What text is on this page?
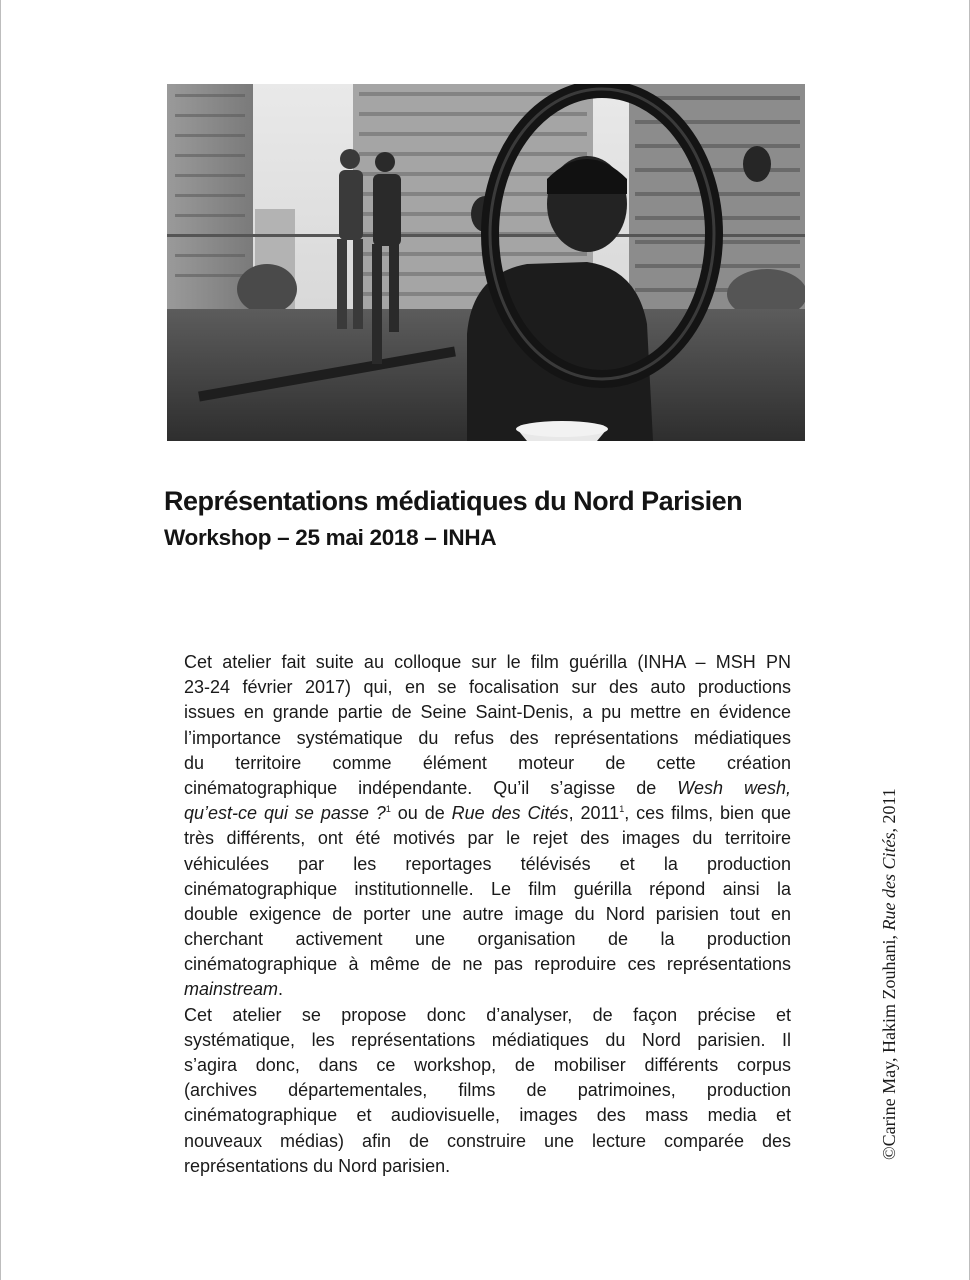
Représentations médiatiques du Nord Parisien
Workshop – 25 mai 2018 – INHA
Cet atelier fait suite au colloque sur le film guérilla (INHA – MSH PN
23-24 février 2017) qui, en se focalisation sur des auto productions
issues en grande partie de Seine Saint-Denis, a pu mettre en évidence
l’importance systématique du refus des représentations médiatiques
du territoire comme élément moteur de cette création
cinématographique indépendante. Qu’il s’agisse de Wesh wesh,
qu’est-ce qui se passe ?$^1$ ou de Rue des Cités, 2011$^1$, ces films, bien que
très différents, ont été motivés par le rejet des images du territoire
véhiculées par les reportages télévisés et la production
cinématographique institutionnelle. Le film guérilla répond ainsi la
double exigence de porter une autre image du Nord parisien tout en
cherchant activement une organisation de la production
cinématographique à même de ne pas reproduire ces représentations
mainstream.
Cet atelier se propose donc d’analyser, de façon précise et
systématique, les représentations médiatiques du Nord parisien. Il
s’agira donc, dans ce workshop, de mobiliser différents corpus
(archives départementales, films de patrimoines, production
cinématographique et audiovisuelle, images des mass media et
nouveaux médias) afin de construire une lecture comparée des
représentations du Nord parisien.
©Carine May, Hakim Zouhani, Rue des Cités, 2011
